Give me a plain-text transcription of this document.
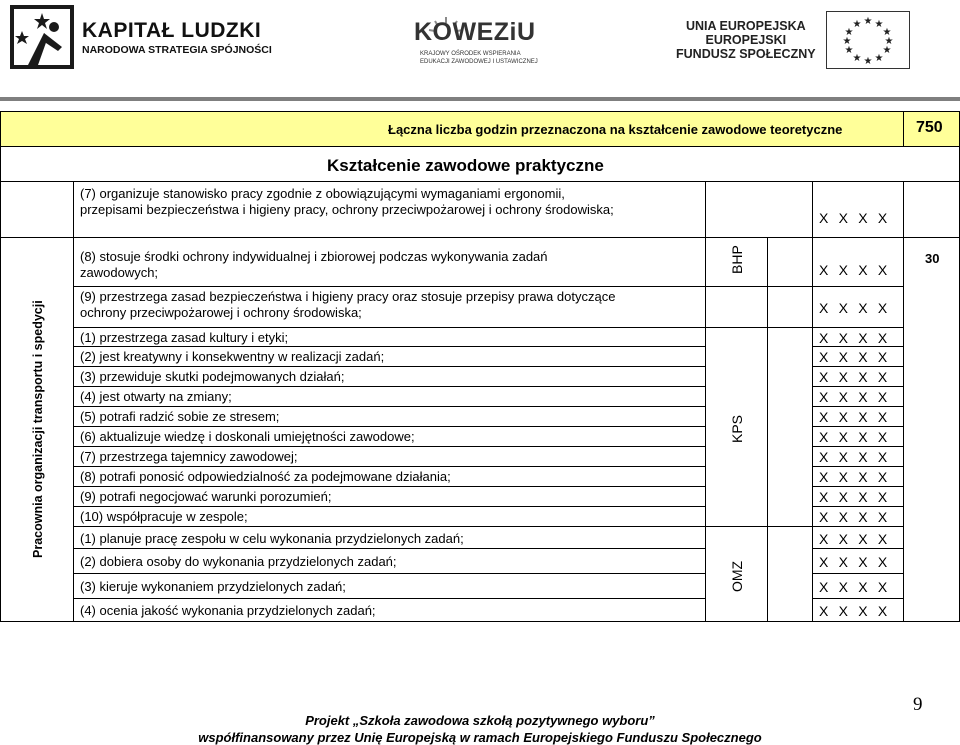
KAPITAŁ LUDZKI
NARODOWA STRATEGIA SPÓJNOŚCI
KOWEZiU
KRAJOWY OŚRODEK WSPIERANIA
EDUKACJI ZAWODOWEJ I USTAWICZNEJ
UNIA EUROPEJSKA
EUROPEJSKI
FUNDUSZ SPOŁECZNY
★ ★
★
★
★
★
★
★
★
★
★
★
Łączna liczba godzin przeznaczona na kształcenie zawodowe teoretyczne	750
Kształcenie zawodowe praktyczne
Pracownia organizacji transportu i spedycji
30
BHP
KPS
OMZ
(7) organizuje stanowisko pracy zgodnie z obowiązującymi wymaganiami ergonomii,
przepisami bezpieczeństwa i higieny pracy, ochrony przeciwpożarowej i ochrony środowiska;
(8) stosuje środki ochrony indywidualnej i zbiorowej podczas wykonywania zadań
zawodowych;
(9) przestrzega zasad bezpieczeństwa i higieny pracy oraz stosuje przepisy prawa dotyczące
ochrony przeciwpożarowej i ochrony środowiska;
(1) przestrzega zasad kultury i etyki;
(2) jest kreatywny i konsekwentny w realizacji zadań;
(3) przewiduje skutki podejmowanych działań;
(4) jest otwarty na zmiany;
(5) potrafi radzić sobie ze stresem;
(6) aktualizuje wiedzę i doskonali umiejętności zawodowe;
(7) przestrzega tajemnicy zawodowej;
(8) potrafi ponosić odpowiedzialność za podejmowane działania;
(9) potrafi negocjować warunki porozumień;
(10) współpracuje w zespole;
(1) planuje pracę zespołu w celu wykonania przydzielonych zadań;
(2) dobiera osoby do wykonania przydzielonych zadań;
(3) kieruje wykonaniem przydzielonych zadań;
(4) ocenia jakość wykonania przydzielonych zadań;
X X X X
X X X X
X X X X
X X X X
X X X X
X X X X
X X X X
X X X X
X X X X
X X X X
X X X X
X X X X
X X X X
X X X X
X X X X
X X X X
X X X X
9
Projekt „Szkoła zawodowa szkołą pozytywnego wyboru”
współfinansowany przez Unię Europejską w ramach Europejskiego Funduszu Społecznego
